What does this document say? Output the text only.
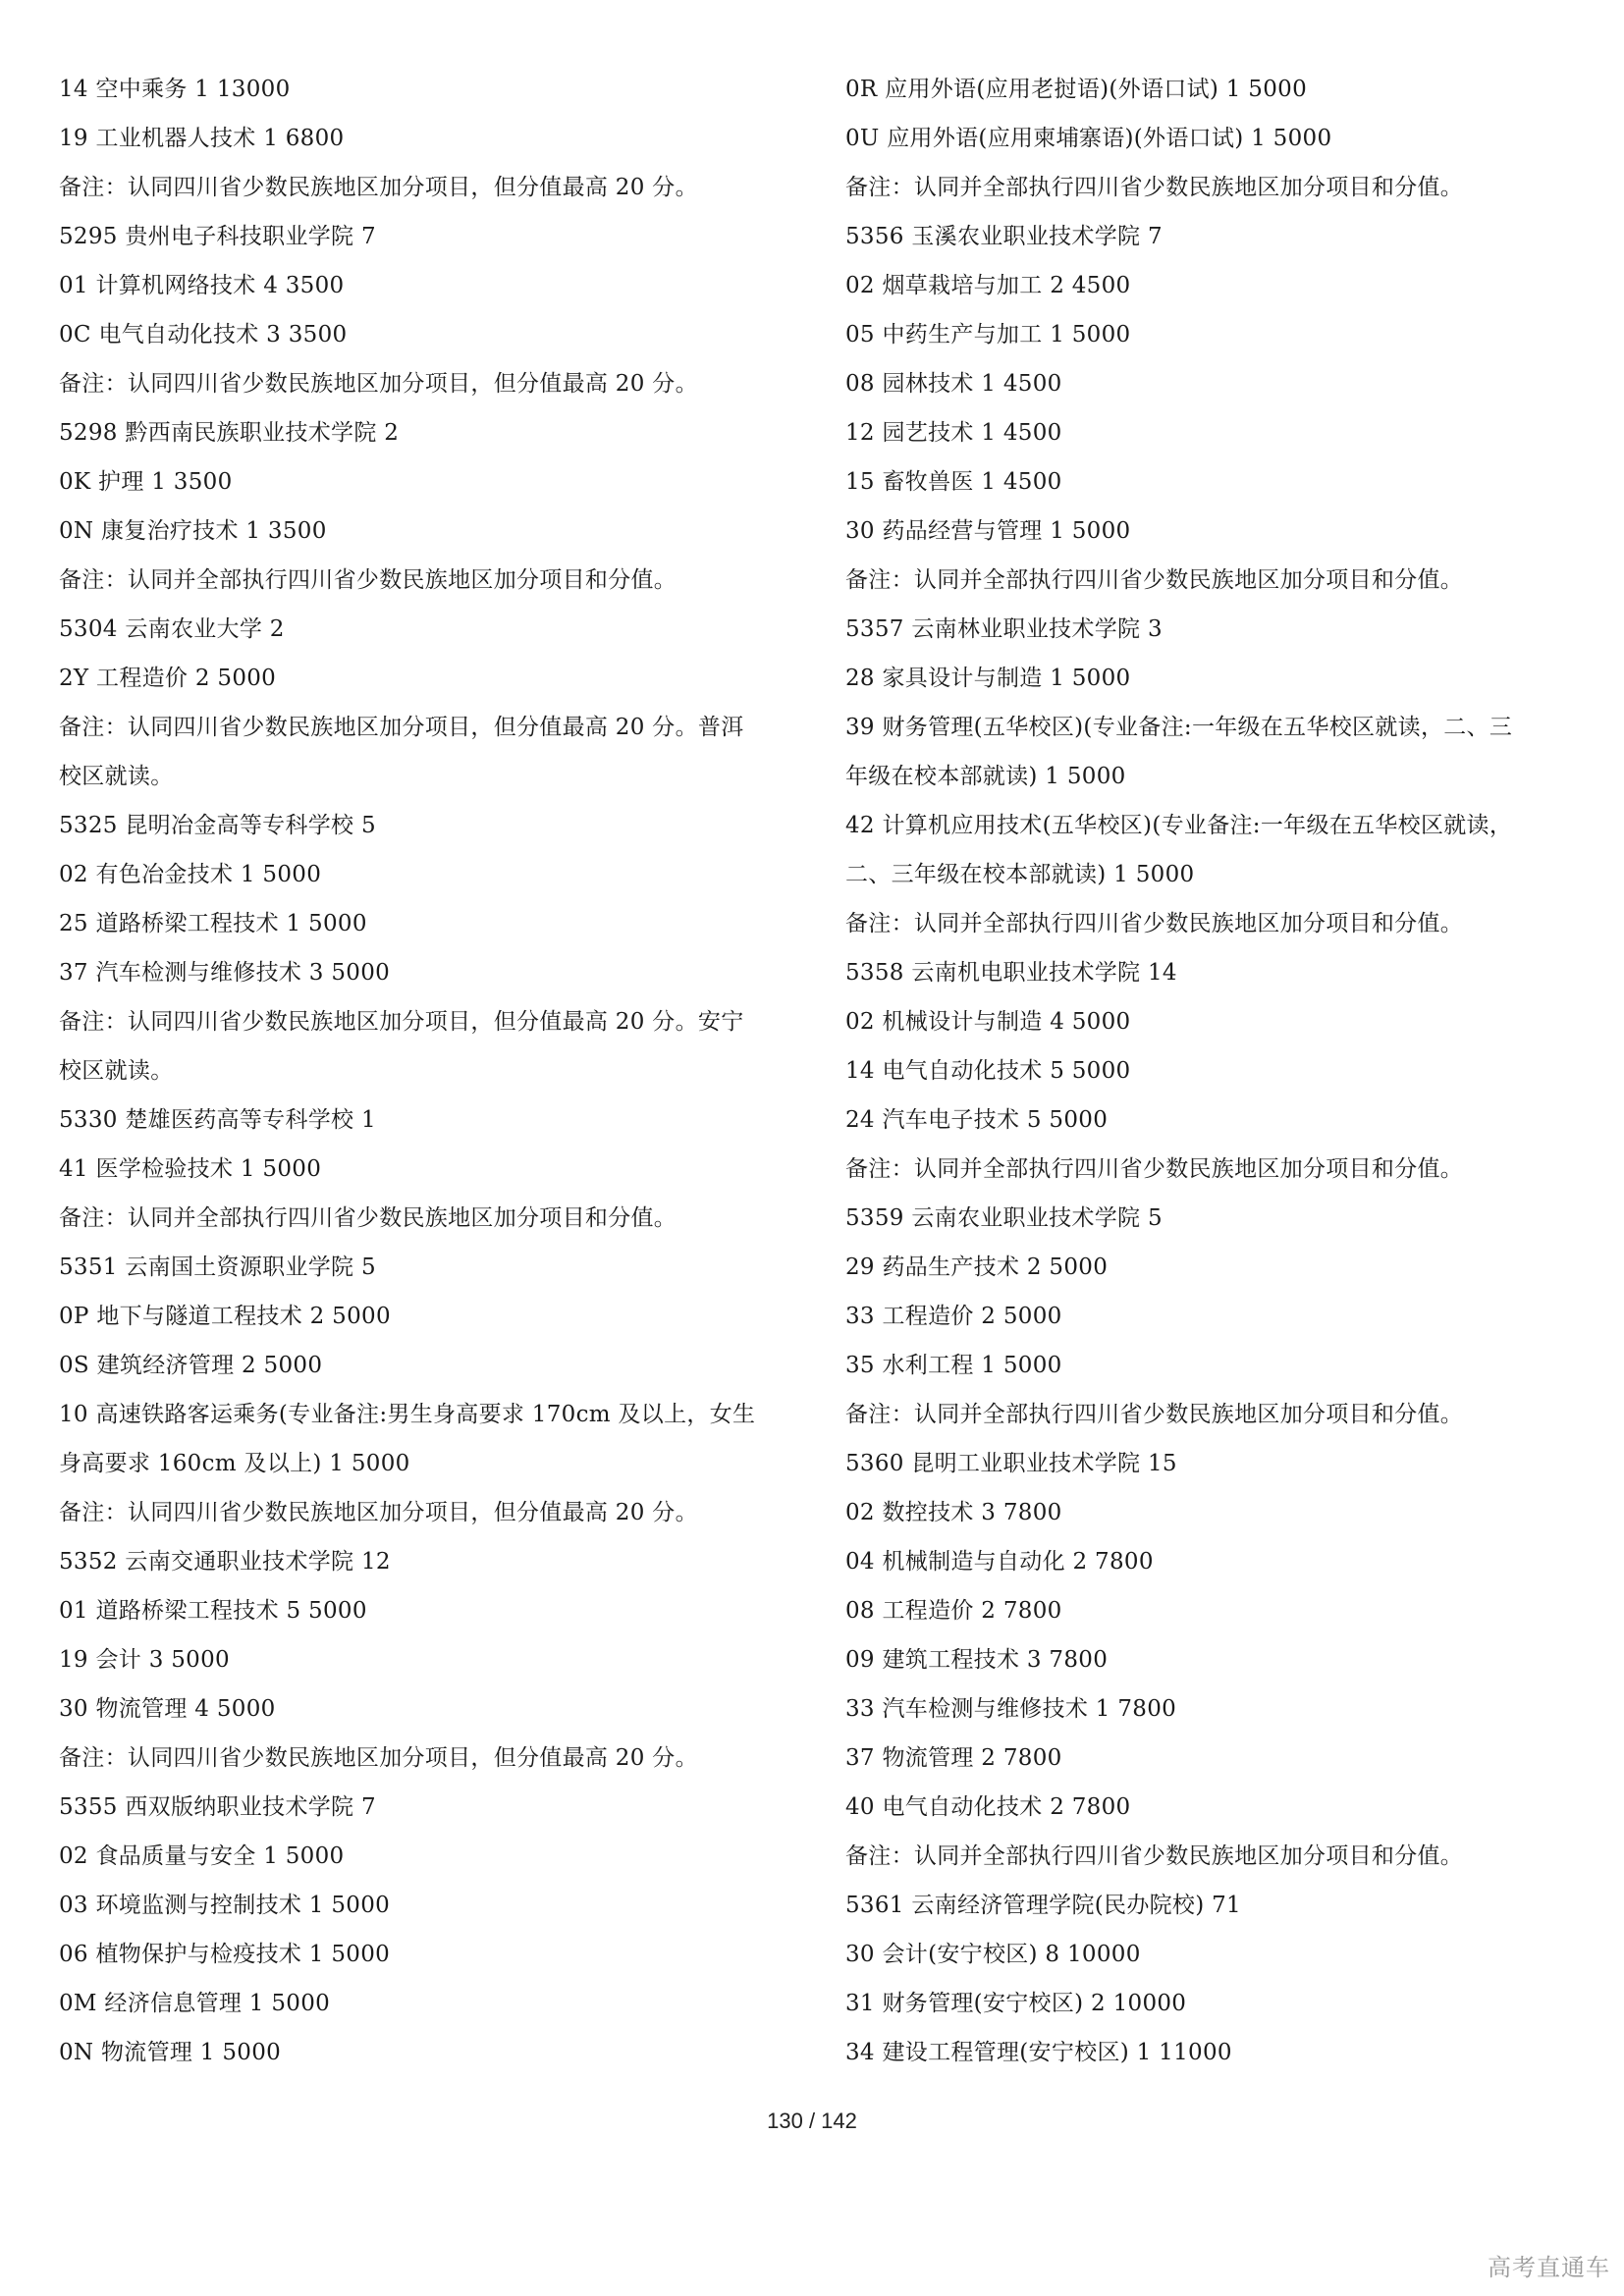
14 空中乘务 1 13000
19 工业机器人技术 1 6800
备注：认同四川省少数民族地区加分项目，但分值最高 20 分。
5295 贵州电子科技职业学院 7
01 计算机网络技术 4 3500
0C 电气自动化技术 3 3500
备注：认同四川省少数民族地区加分项目，但分值最高 20 分。
5298 黔西南民族职业技术学院 2
0K 护理 1 3500
0N 康复治疗技术 1 3500
备注：认同并全部执行四川省少数民族地区加分项目和分值。
5304 云南农业大学 2
2Y 工程造价 2 5000
备注：认同四川省少数民族地区加分项目，但分值最高 20 分。普洱
校区就读。
5325 昆明冶金高等专科学校 5
02 有色冶金技术 1 5000
25 道路桥梁工程技术 1 5000
37 汽车检测与维修技术 3 5000
备注：认同四川省少数民族地区加分项目，但分值最高 20 分。安宁
校区就读。
5330 楚雄医药高等专科学校 1
41 医学检验技术 1 5000
备注：认同并全部执行四川省少数民族地区加分项目和分值。
5351 云南国土资源职业学院 5
0P 地下与隧道工程技术 2 5000
0S 建筑经济管理 2 5000
10 高速铁路客运乘务(专业备注:男生身高要求 170cm 及以上，女生
身高要求 160cm 及以上) 1 5000
备注：认同四川省少数民族地区加分项目，但分值最高 20 分。
5352 云南交通职业技术学院 12
01 道路桥梁工程技术 5 5000
19 会计 3 5000
30 物流管理 4 5000
备注：认同四川省少数民族地区加分项目，但分值最高 20 分。
5355 西双版纳职业技术学院 7
02 食品质量与安全 1 5000
03 环境监测与控制技术 1 5000
06 植物保护与检疫技术 1 5000
0M 经济信息管理 1 5000
0N 物流管理 1 5000
0R 应用外语(应用老挝语)(外语口试) 1 5000
0U 应用外语(应用柬埔寨语)(外语口试) 1 5000
备注：认同并全部执行四川省少数民族地区加分项目和分值。
5356 玉溪农业职业技术学院 7
02 烟草栽培与加工 2 4500
05 中药生产与加工 1 5000
08 园林技术 1 4500
12 园艺技术 1 4500
15 畜牧兽医 1 4500
30 药品经营与管理 1 5000
备注：认同并全部执行四川省少数民族地区加分项目和分值。
5357 云南林业职业技术学院 3
28 家具设计与制造 1 5000
39 财务管理(五华校区)(专业备注:一年级在五华校区就读，二、三
年级在校本部就读) 1 5000
42 计算机应用技术(五华校区)(专业备注:一年级在五华校区就读，
二、三年级在校本部就读) 1 5000
备注：认同并全部执行四川省少数民族地区加分项目和分值。
5358 云南机电职业技术学院 14
02 机械设计与制造 4 5000
14 电气自动化技术 5 5000
24 汽车电子技术 5 5000
备注：认同并全部执行四川省少数民族地区加分项目和分值。
5359 云南农业职业技术学院 5
29 药品生产技术 2 5000
33 工程造价 2 5000
35 水利工程 1 5000
备注：认同并全部执行四川省少数民族地区加分项目和分值。
5360 昆明工业职业技术学院 15
02 数控技术 3 7800
04 机械制造与自动化 2 7800
08 工程造价 2 7800
09 建筑工程技术 3 7800
33 汽车检测与维修技术 1 7800
37 物流管理 2 7800
40 电气自动化技术 2 7800
备注：认同并全部执行四川省少数民族地区加分项目和分值。
5361 云南经济管理学院(民办院校) 71
30 会计(安宁校区) 8 10000
31 财务管理(安宁校区) 2 10000
34 建设工程管理(安宁校区) 1 11000
130 / 142
高考直通车
